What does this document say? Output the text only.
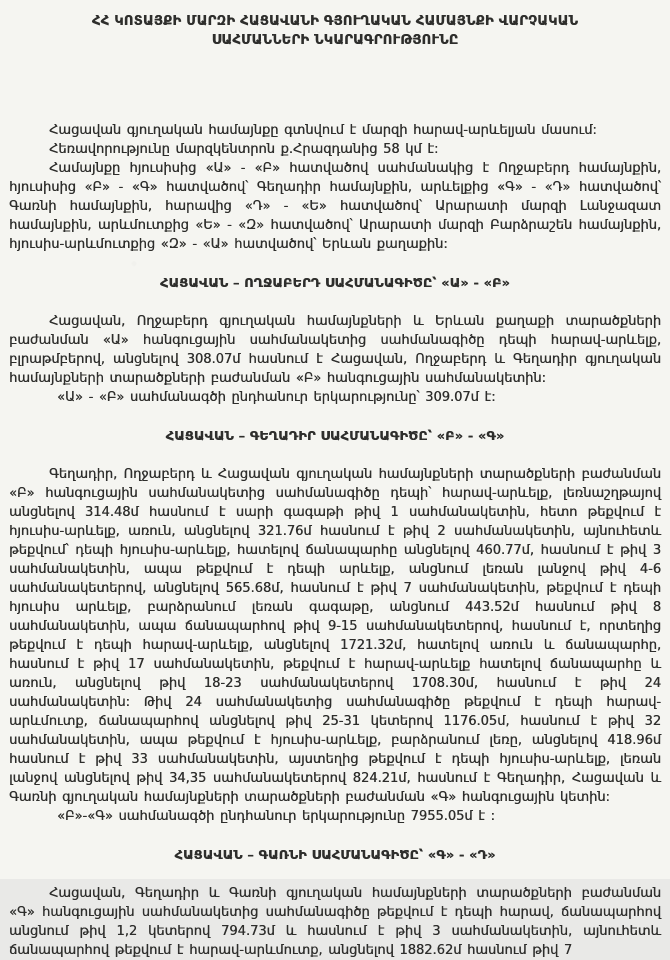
ՀՀ ԿՈՏԱՅՔԻ ՄԱՐԶԻ ՀԱՑԱՎԱՆԻ ԳՅՈՒՂԱԿԱՆ ՀԱՄԱՅՆՔԻ ՎԱՐՉԱԿԱՆ
ՍԱՀՄԱՆՆԵՐԻ ՆԿԱՐԱԳՐՈՒԹՅՈՒՆԸ

Հացավան գյուղական համայնքը գտնվում է մարզի հարավ-արևելյան մասում:

Հեռավորությունը մարզկենտրոն ք.Հրազդանից 58 կմ է:

Համայնքը հյուսիսից «Ա» - «Բ» հատվածով սահմանակից է Ողջաբերդ համայնքին, հյուսիսից «Բ» - «Գ» հատվածով՝ Գեղադիր համայնքին, արևելքից «Գ» - «Դ» հատվածով՝ Գառնի համայնքին, հարավից «Դ» - «Ե» հատվածով՝ Արարատի մարզի Լանջազատ համայնքին, արևմուտքից «Ե» - «Զ» հատվածով՝ Արարատի մարզի Բարձրաշեն համայնքին, հյուսիս-արևմուտքից «Զ» - «Ա» հատվածով՝ Երևան քաղաքին:

ՀԱՑԱՎԱՆ – ՈՂՋԱԲԵՐԴ ՍԱՀՄԱՆԱԳԻԾԸ՝ «Ա» - «Բ»

Հացավան, Ողջաբերդ գյուղական համայնքների և Երևան քաղաքի տարածքների բաժանման «Ա» հանգուցային սահմանակետից սահմանագիծը դեպի հարավ-արևելք, բլրաթմբերով, անցնելով 308.07մ հասնում է Հացավան, Ողջաբերդ և Գեղադիր գյուղական համայնքների տարածքների բաժանման «Բ» հանգուցային սահմանակետին:

«Ա» - «Բ» սահմանագծի ընդհանուր երկարությունը՝ 309.07մ է:

ՀԱՑԱՎԱՆ – ԳԵՂԱԴԻՐ ՍԱՀՄԱՆԱԳԻԾԸ՝ «Բ» - «Գ»

Գեղադիր, Ողջաբերդ և Հացավան գյուղական համայնքների տարածքների բաժանման «Բ» հանգուցային սահմանակետից սահմանագիծը դեպի՝ հարավ-արևելք, լեռնաշղթայով անցնելով 314.48մ հասնում է սարի գագաթի թիվ 1 սահմանակետին, հետո թեքվում է հյուսիս-արևելք, առուն, անցնելով 321.76մ հասնում է թիվ 2 սահմանակետին, այնուհետև թեքվում՝ դեպի հյուսիս-արևելք, հատելով ճանապարհը անցնելով 460.77մ, հասնում է թիվ 3 սահմանակետին, ապա թեքվում է դեպի արևելք, անցնում լեռան լանջով թիվ 4-6 սահմանակետերով, անցնելով 565.68մ, հասնում է թիվ 7 սահմանակետին, թեքվում է դեպի հյուսիս արևելք, բարձրանում լեռան գագաթը, անցնում 443.52մ հասնում թիվ 8 սահմանակետին, ապա ճանապարհով թիվ 9-15 սահմանակետերով, հասնում է, որտեղից թեքվում է դեպի հարավ-արևելք, անցնելով 1721.32մ, հատելով առուն և ճանապարհը, հասնում է թիվ 17 սահմանակետին, թեքվում է հարավ-արևելք հատելով ճանապարհը և առուն, անցնելով թիվ 18-23 սահմանակետերով 1708.30մ, հասնում է թիվ 24 սահմանակետին: Թիվ 24 սահմանակետից սահմանագիծը թեքվում է դեպի հարավ-արևմուտք, ճանապարհով անցնելով թիվ 25-31 կետերով 1176.05մ, հասնում է թիվ 32 սահմանակետին, ապա թեքվում է հյուսիս-արևելք, բարձրանում լեռը, անցնելով 418.96մ հասնում է թիվ 33 սահմանակետին, այստեղից թեքվում է դեպի հյուսիս-արևելք, լեռան լանջով անցնելով թիվ 34,35 սահմանակետերով 824.21մ, հասնում է Գեղադիր, Հացավան և Գառնի գյուղական համայնքների տարածքների բաժանման «Գ» հանգուցային կետին:

«Բ»-«Գ» սահմանագծի ընդհանուր երկարությունը 7955.05մ է :

ՀԱՑԱՎԱՆ – ԳԱՌՆԻ ՍԱՀՄԱՆԱԳԻԾԸ՝ «Գ» - «Դ»

Հացավան, Գեղադիր և Գառնի գյուղական համայնքների տարածքների բաժանման «Գ» հանգուցային սահմանակետից սահմանագիծը թեքվում է դեպի հարավ, ճանապարհով անցնում թիվ 1,2 կետերով 794.73մ և հասնում է թիվ 3 սահմանակետին, այնուհետև ճանապարհով թեքվում է հարավ-արևմուտք, անցնելով 1882.62մ հասնում թիվ 7
